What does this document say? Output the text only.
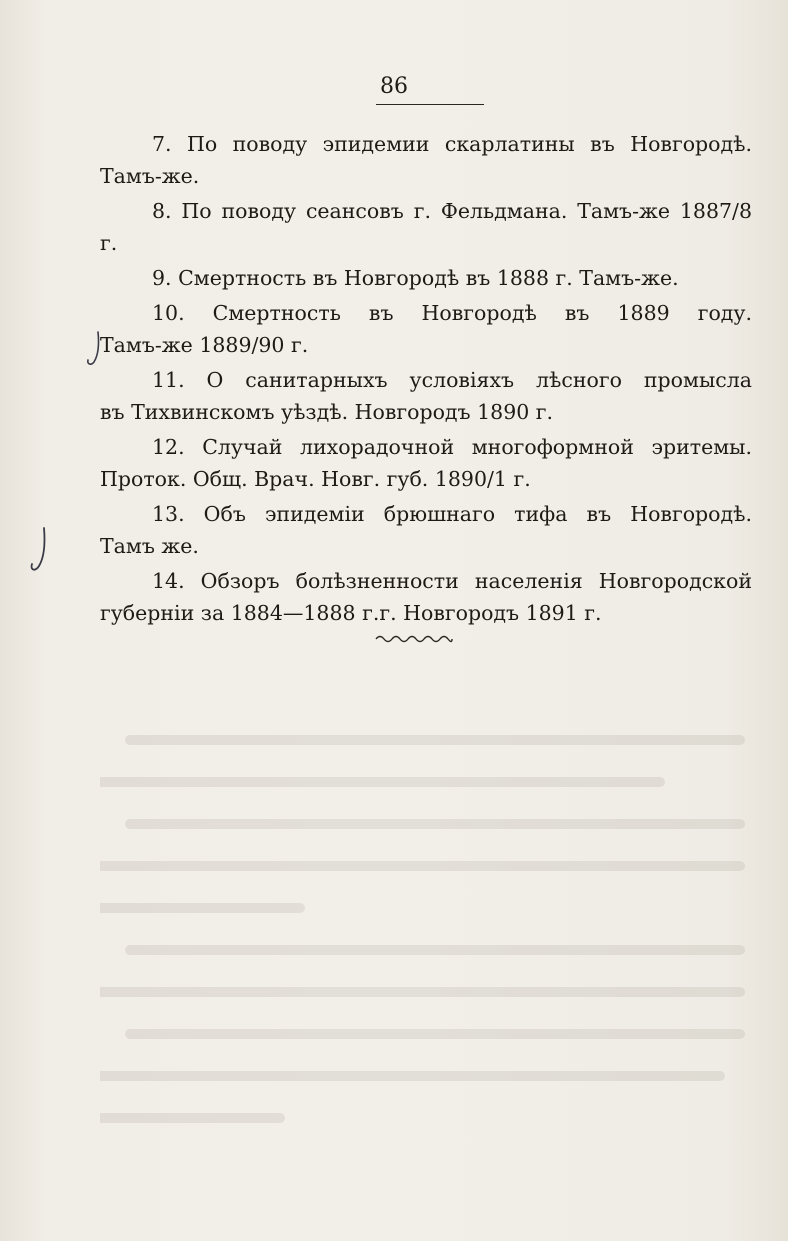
86

7. По поводу эпидемии скарлатины въ Новгородѣ.
Тамъ-же.

8. По поводу сеансовъ г. Фельдмана. Тамъ-же 1887/8 г.

9. Смертность въ Новгородѣ въ 1888 г. Тамъ-же.

10. Смертность въ Новгородѣ въ 1889 году.
Тамъ-же 1889/90 г.

11. О санитарныхъ условіяхъ лѣсного промысла
въ Тихвинскомъ уѣздѣ. Новгородъ 1890 г.

12. Случай лихорадочной многоформной эритемы.
Проток. Общ. Врач. Новг. губ. 1890/1 г.

13. Объ эпидеміи брюшнаго тифа въ Новгородѣ.
Тамъ же.

14. Обзоръ болѣзненности населенія Новгородской
губерніи за 1884—1888 г.г. Новгородъ 1891 г.
